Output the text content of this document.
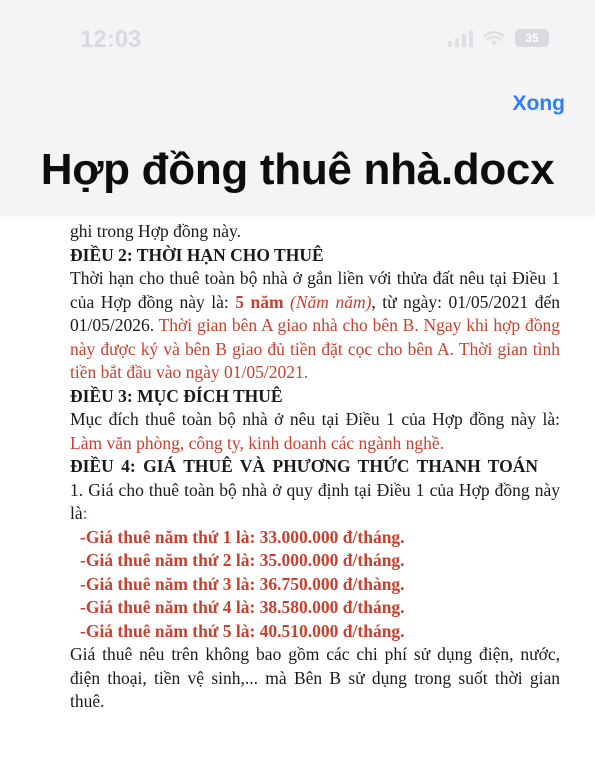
12:03	35
Xong
Hợp đồng thuê nhà.docx

ghi trong Hợp đồng này.
ĐIỀU 2: THỜI HẠN CHO THUÊ
Thời hạn cho thuê toàn bộ nhà ở gắn liền với thửa đất nêu tại Điều 1 của Hợp đồng này là: 5 năm (Năm năm), từ ngày: 01/05/2021 đến 01/05/2026. Thời gian bên A giao nhà cho bên B. Ngay khi hợp đồng này được ký và bên B giao đủ tiền đặt cọc cho bên A. Thời gian tình tiền bắt đầu vào ngày 01/05/2021.
ĐIỀU 3: MỤC ĐÍCH THUÊ
Mục đích thuê toàn bộ nhà ở nêu tại Điều 1 của Hợp đồng này là: Làm văn phòng, công ty, kinh doanh các ngành nghề.
ĐIỀU 4: GIÁ THUÊ VÀ PHƯƠNG THỨC THANH TOÁN
1. Giá cho thuê toàn bộ nhà ở quy định tại Điều 1 của Hợp đồng này là:
-Giá thuê năm thứ 1 là: 33.000.000 đ/tháng.
-Giá thuê năm thứ 2 là: 35.000.000 đ/tháng.
-Giá thuê năm thứ 3 là: 36.750.000 đ/thàng.
-Giá thuê năm thứ 4 là: 38.580.000 đ/tháng.
-Giá thuê năm thứ 5 là: 40.510.000 đ/tháng.
Giá thuê nêu trên không bao gồm các chi phí sử dụng điện, nước, điện thoại, tiền vệ sinh,... mà Bên B sử dụng trong suốt thời gian thuê.
